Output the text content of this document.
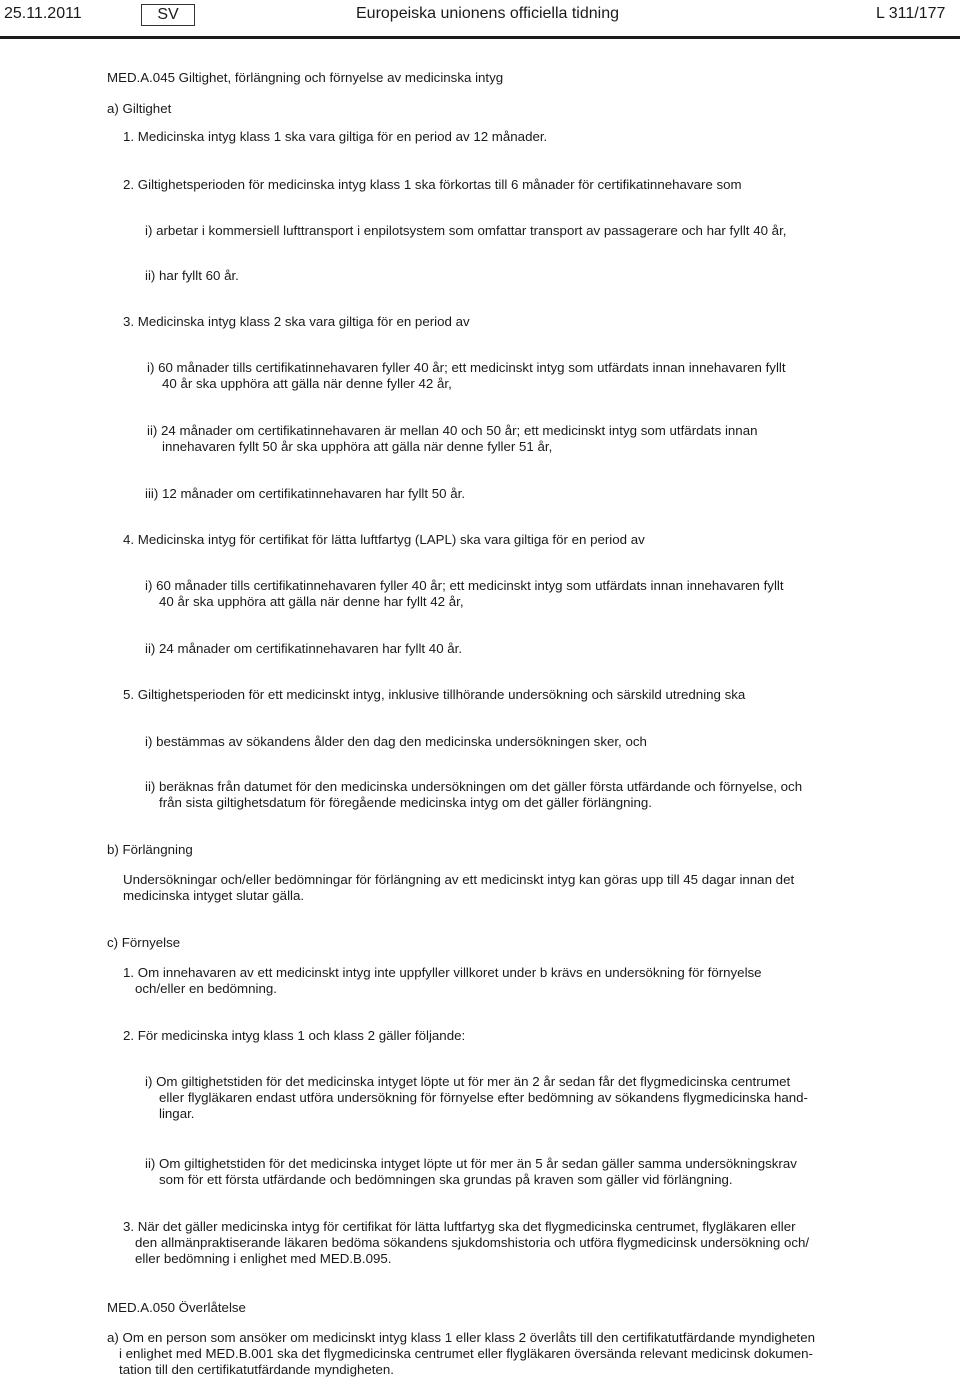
25.11.2011	SV	Europeiska unionens officiella tidning	L 311/177

MED.A.045 Giltighet, förlängning och förnyelse av medicinska intyg

a) Giltighet

1. Medicinska intyg klass 1 ska vara giltiga för en period av 12 månader.

2. Giltighetsperioden för medicinska intyg klass 1 ska förkortas till 6 månader för certifikatinnehavare som

i) arbetar i kommersiell lufttransport i enpilotsystem som omfattar transport av passagerare och har fyllt 40 år,

ii) har fyllt 60 år.

3. Medicinska intyg klass 2 ska vara giltiga för en period av

i) 60 månader tills certifikatinnehavaren fyller 40 år; ett medicinskt intyg som utfärdats innan innehavaren fyllt

40 år ska upphöra att gälla när denne fyller 42 år,

ii) 24 månader om certifikatinnehavaren är mellan 40 och 50 år; ett medicinskt intyg som utfärdats innan

innehavaren fyllt 50 år ska upphöra att gälla när denne fyller 51 år,

iii) 12 månader om certifikatinnehavaren har fyllt 50 år.

4. Medicinska intyg för certifikat för lätta luftfartyg (LAPL) ska vara giltiga för en period av

i) 60 månader tills certifikatinnehavaren fyller 40 år; ett medicinskt intyg som utfärdats innan innehavaren fyllt

40 år ska upphöra att gälla när denne har fyllt 42 år,

ii) 24 månader om certifikatinnehavaren har fyllt 40 år.

5. Giltighetsperioden för ett medicinskt intyg, inklusive tillhörande undersökning och särskild utredning ska

i) bestämmas av sökandens ålder den dag den medicinska undersökningen sker, och

ii) beräknas från datumet för den medicinska undersökningen om det gäller första utfärdande och förnyelse, och

från sista giltighetsdatum för föregående medicinska intyg om det gäller förlängning.

b) Förlängning

Undersökningar och/eller bedömningar för förlängning av ett medicinskt intyg kan göras upp till 45 dagar innan det

medicinska intyget slutar gälla.

c) Förnyelse

1. Om innehavaren av ett medicinskt intyg inte uppfyller villkoret under b krävs en undersökning för förnyelse

och/eller en bedömning.

2. För medicinska intyg klass 1 och klass 2 gäller följande:

i) Om giltighetstiden för det medicinska intyget löpte ut för mer än 2 år sedan får det flygmedicinska centrumet

eller flygläkaren endast utföra undersökning för förnyelse efter bedömning av sökandens flygmedicinska hand-

lingar.

ii) Om giltighetstiden för det medicinska intyget löpte ut för mer än 5 år sedan gäller samma undersökningskrav

som för ett första utfärdande och bedömningen ska grundas på kraven som gäller vid förlängning.

3. När det gäller medicinska intyg för certifikat för lätta luftfartyg ska det flygmedicinska centrumet, flygläkaren eller

den allmänpraktiserande läkaren bedöma sökandens sjukdomshistoria och utföra flygmedicinsk undersökning och/

eller bedömning i enlighet med MED.B.095.

MED.A.050 Överlåtelse

a) Om en person som ansöker om medicinskt intyg klass 1 eller klass 2 överlåts till den certifikatutfärdande myndigheten

i enlighet med MED.B.001 ska det flygmedicinska centrumet eller flygläkaren översända relevant medicinsk dokumen-

tation till den certifikatutfärdande myndigheten.
